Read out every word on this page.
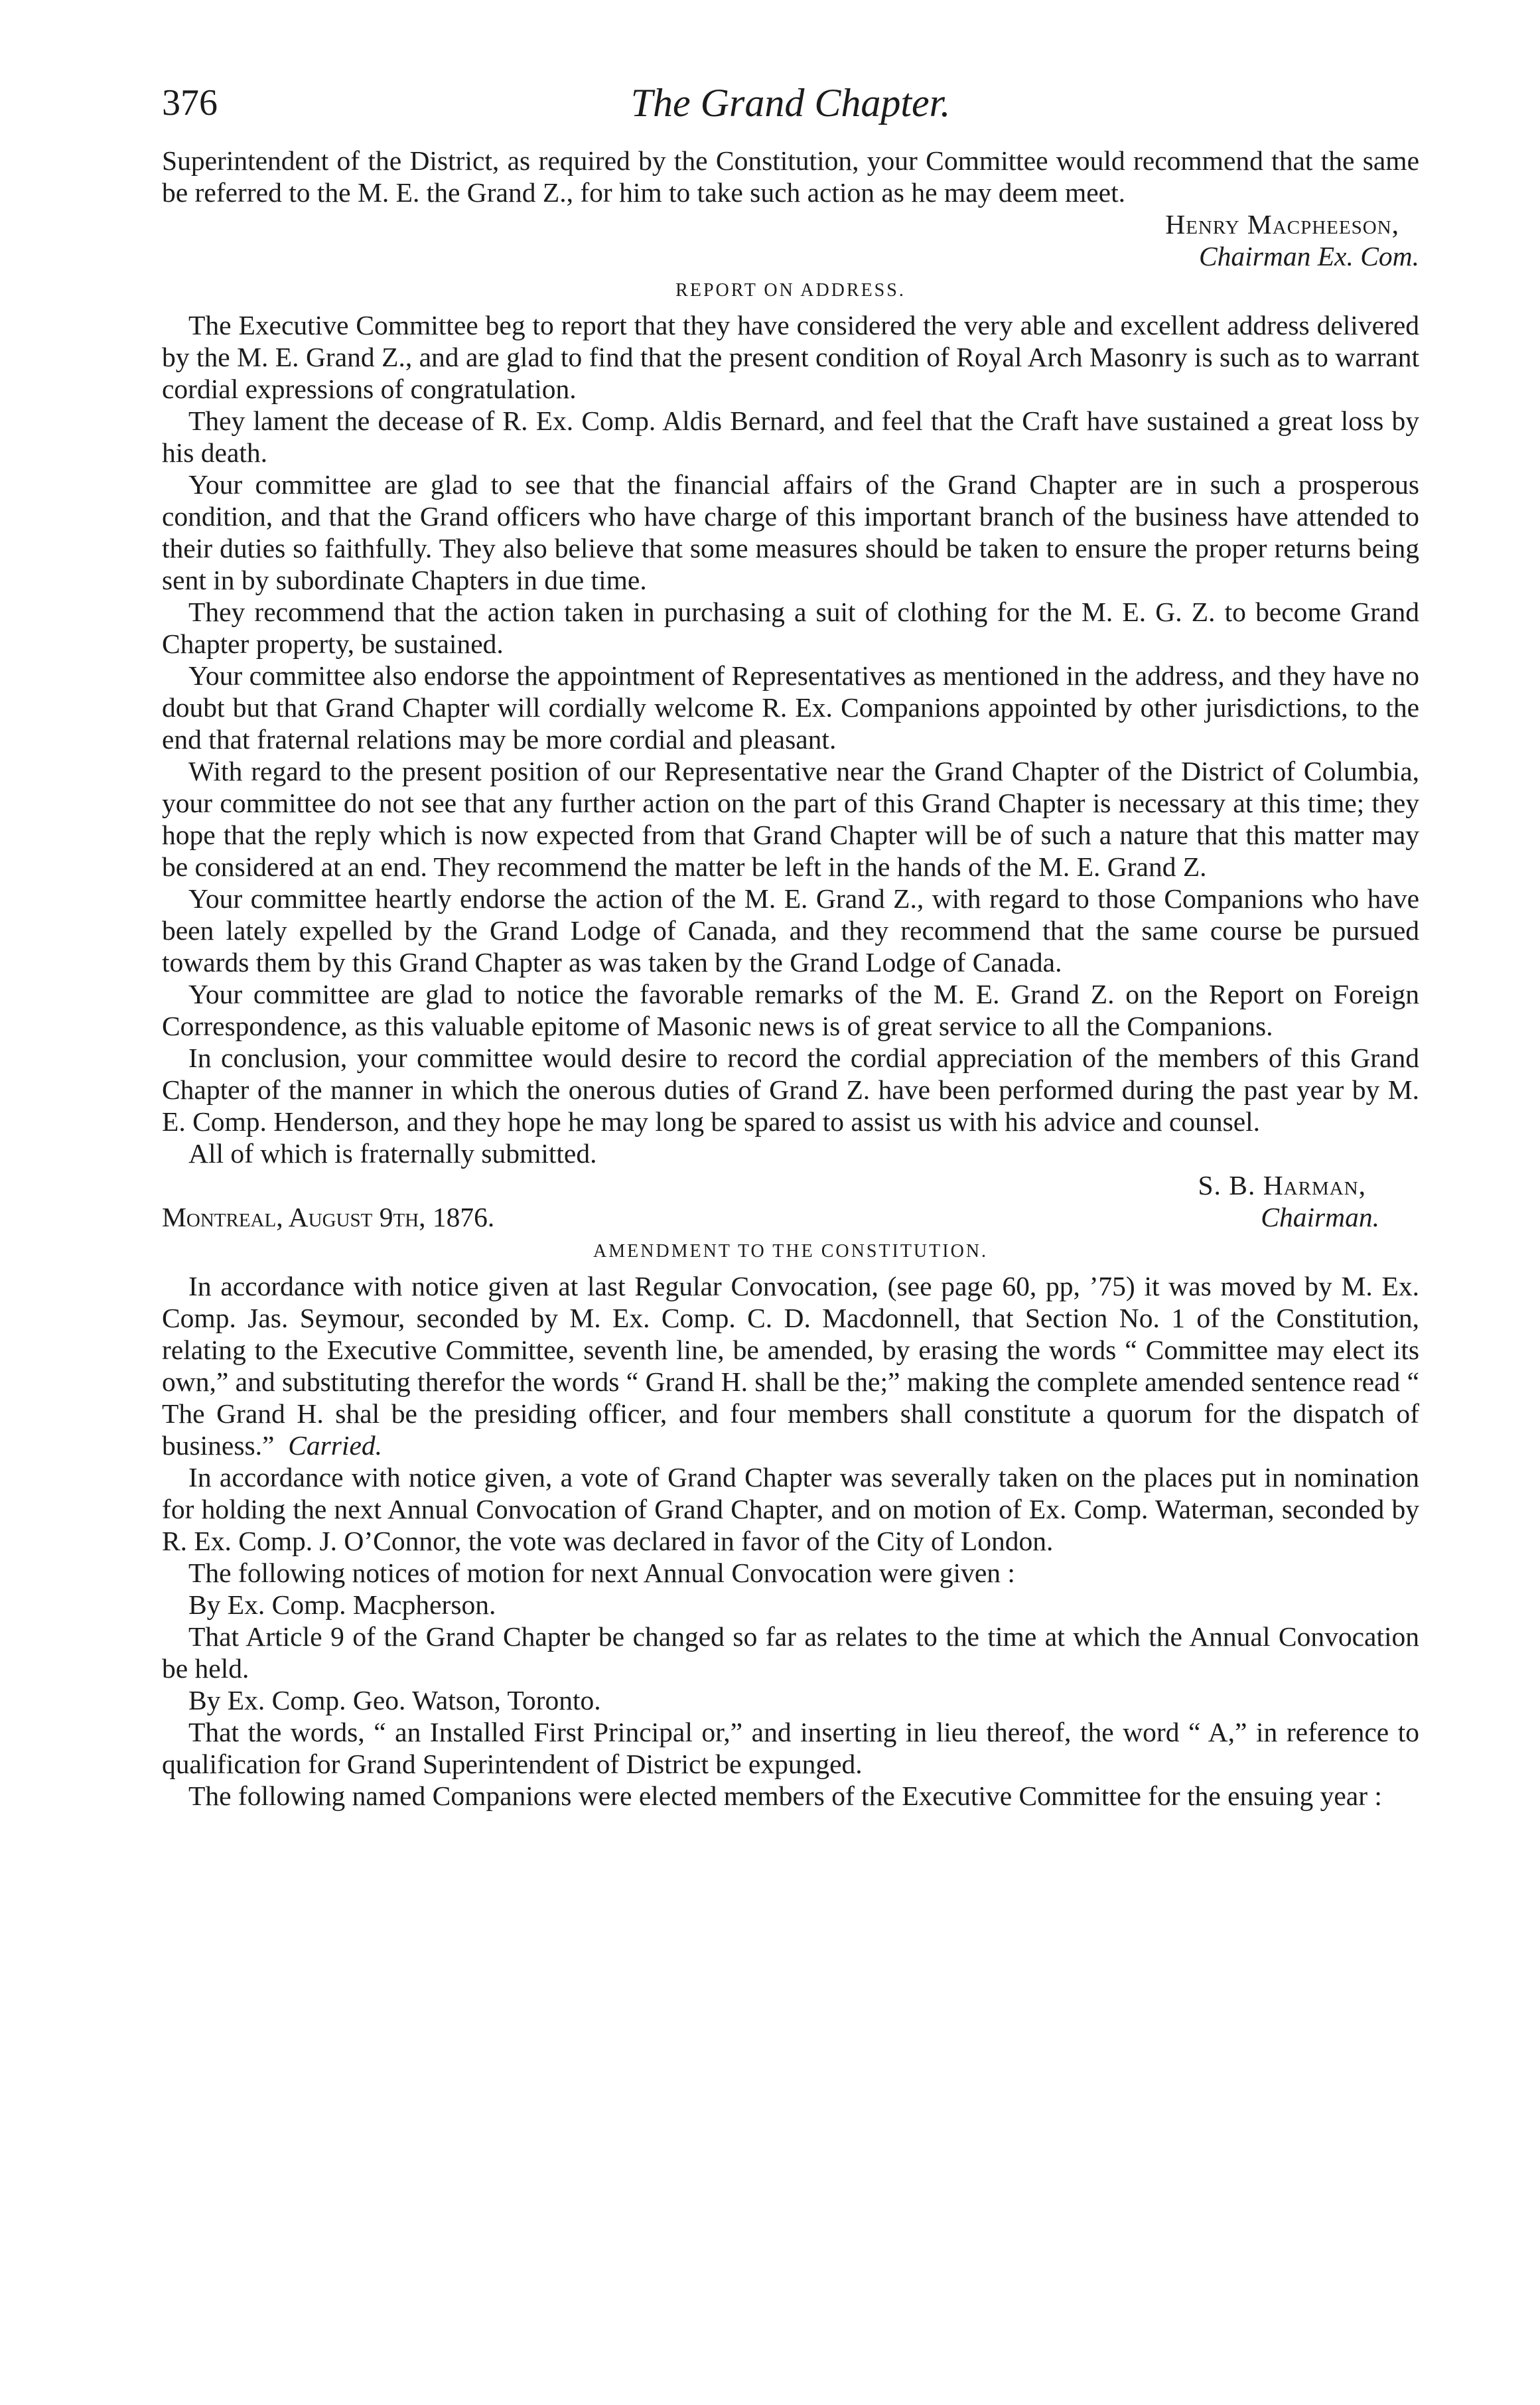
376	The Grand Chapter.

Superintendent of the District, as required by the Constitution, your Committee would recommend that the same be referred to the M. E. the Grand Z., for him to take such action as he may deem meet.

Henry Macpheeson,
Chairman Ex. Com.
REPORT ON ADDRESS.

The Executive Committee beg to report that they have considered the very able and excellent address delivered by the M. E. Grand Z., and are glad to find that the present condition of Royal Arch Masonry is such as to warrant cordial expressions of congratulation.

They lament the decease of R. Ex. Comp. Aldis Bernard, and feel that the Craft have sustained a great loss by his death.

Your committee are glad to see that the financial affairs of the Grand Chapter are in such a prosperous condition, and that the Grand officers who have charge of this important branch of the business have attended to their duties so faithfully. They also believe that some measures should be taken to ensure the proper returns being sent in by subordinate Chapters in due time.

They recommend that the action taken in purchasing a suit of clothing for the M. E. G. Z. to become Grand Chapter property, be sustained.

Your committee also endorse the appointment of Representatives as mentioned in the address, and they have no doubt but that Grand Chapter will cordially welcome R. Ex. Companions appointed by other jurisdictions, to the end that fraternal relations may be more cordial and pleasant.

With regard to the present position of our Representative near the Grand Chapter of the District of Columbia, your committee do not see that any further action on the part of this Grand Chapter is necessary at this time; they hope that the reply which is now expected from that Grand Chapter will be of such a nature that this matter may be considered at an end. They recommend the matter be left in the hands of the M. E. Grand Z.

Your committee heartly endorse the action of the M. E. Grand Z., with regard to those Companions who have been lately expelled by the Grand Lodge of Canada, and they recommend that the same course be pursued towards them by this Grand Chapter as was taken by the Grand Lodge of Canada.

Your committee are glad to notice the favorable remarks of the M. E. Grand Z. on the Report on Foreign Correspondence, as this valuable epitome of Masonic news is of great service to all the Companions.

In conclusion, your committee would desire to record the cordial appreciation of the members of this Grand Chapter of the manner in which the onerous duties of Grand Z. have been performed during the past year by M. E. Comp. Henderson, and they hope he may long be spared to assist us with his advice and counsel.

All of which is fraternally submitted.

S. B. Harman,
Montreal, August 9th, 1876.	Chairman.
AMENDMENT TO THE CONSTITUTION.

In accordance with notice given at last Regular Convocation, (see page 60, pp, ’75) it was moved by M. Ex. Comp. Jas. Seymour, seconded by M. Ex. Comp. C. D. Macdonnell, that Section No. 1 of the Constitution, relating to the Executive Committee, seventh line, be amended, by erasing the words “ Committee may elect its own,” and substituting therefor the words “ Grand H. shall be the;” making the complete amended sentence read “ The Grand H. shal be the presiding officer, and four members shall constitute a quorum for the dispatch of business.” Carried.

In accordance with notice given, a vote of Grand Chapter was severally taken on the places put in nomination for holding the next Annual Convocation of Grand Chapter, and on motion of Ex. Comp. Waterman, seconded by R. Ex. Comp. J. O’Connor, the vote was declared in favor of the City of London.

The following notices of motion for next Annual Convocation were given :

By Ex. Comp. Macpherson.

That Article 9 of the Grand Chapter be changed so far as relates to the time at which the Annual Convocation be held.

By Ex. Comp. Geo. Watson, Toronto.

That the words, “ an Installed First Principal or,” and inserting in lieu thereof, the word “ A,” in reference to qualification for Grand Superintendent of District be expunged.

The following named Companions were elected members of the Executive Committee for the ensuing year :
